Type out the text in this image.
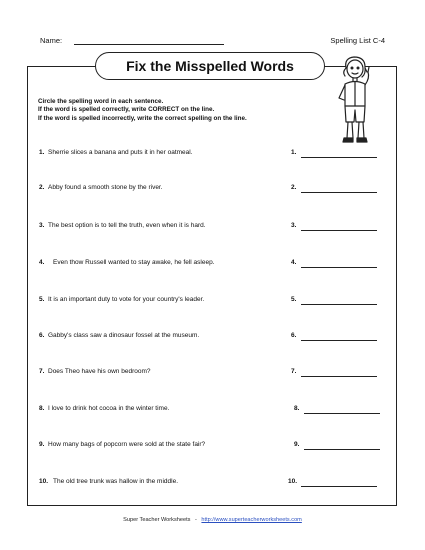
Name:	Spelling List C-4
Fix the Misspelled Words
Circle the spelling word in each sentence.
If the word is spelled correctly, write CORRECT on the line.
If the word is spelled incorrectly, write the correct spelling on the line.
1. Sherrie slices a banana and puts it in her oatmeal.	1.
2. Abby found a smooth stone by the river.	2.
3. The best option is to tell the truth, even when it is hard.	3.
4. Even thow Russell wanted to stay awake, he fell asleep.	4.
5. It is an important duty to vote for your country's leader.	5.
6. Gabby's class saw a dinosaur fossel at the museum.	6.
7. Does Theo have his own bedroom?	7.
8. I love to drink hot cocoa in the winter time.	8.
9. How many bags of popcorn were sold at the state fair?	9.
10. The old tree trunk was hallow in the middle.	10.
Super Teacher Worksheets - http://www.superteacherworksheets.com
